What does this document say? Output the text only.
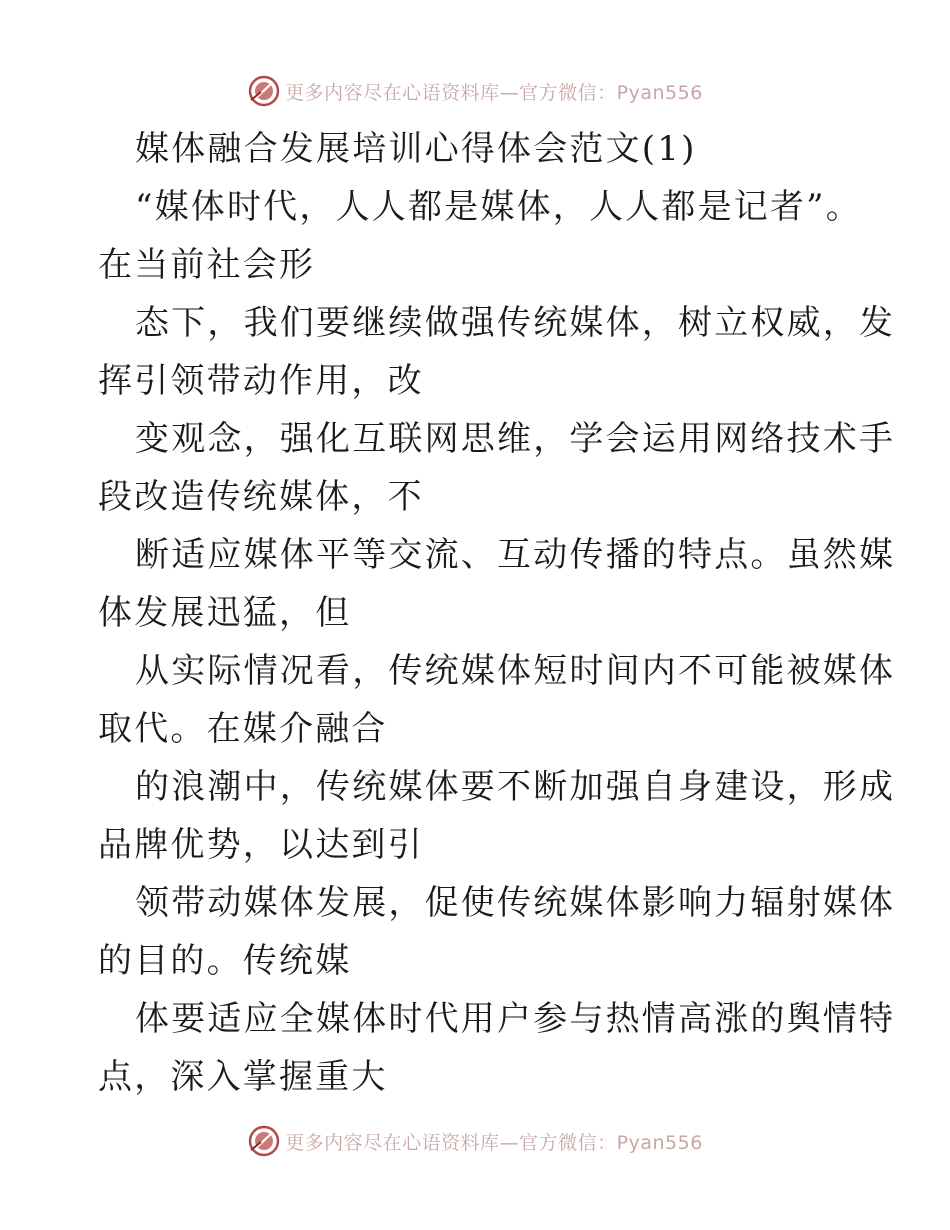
更多内容尽在心语资料库—官方微信：Pyan556
媒体融合发展培训心得体会范文(1)
“媒体时代，人人都是媒体，人人都是记者”。
在当前社会形
态下，我们要继续做强传统媒体，树立权威，发
挥引领带动作用，改
变观念，强化互联网思维，学会运用网络技术手
段改造传统媒体，不
断适应媒体平等交流、互动传播的特点。虽然媒
体发展迅猛，但
从实际情况看，传统媒体短时间内不可能被媒体
取代。在媒介融合
的浪潮中，传统媒体要不断加强自身建设，形成
品牌优势，以达到引
领带动媒体发展，促使传统媒体影响力辐射媒体
的目的。传统媒
体要适应全媒体时代用户参与热情高涨的舆情特
点，深入掌握重大
更多内容尽在心语资料库—官方微信：Pyan556
